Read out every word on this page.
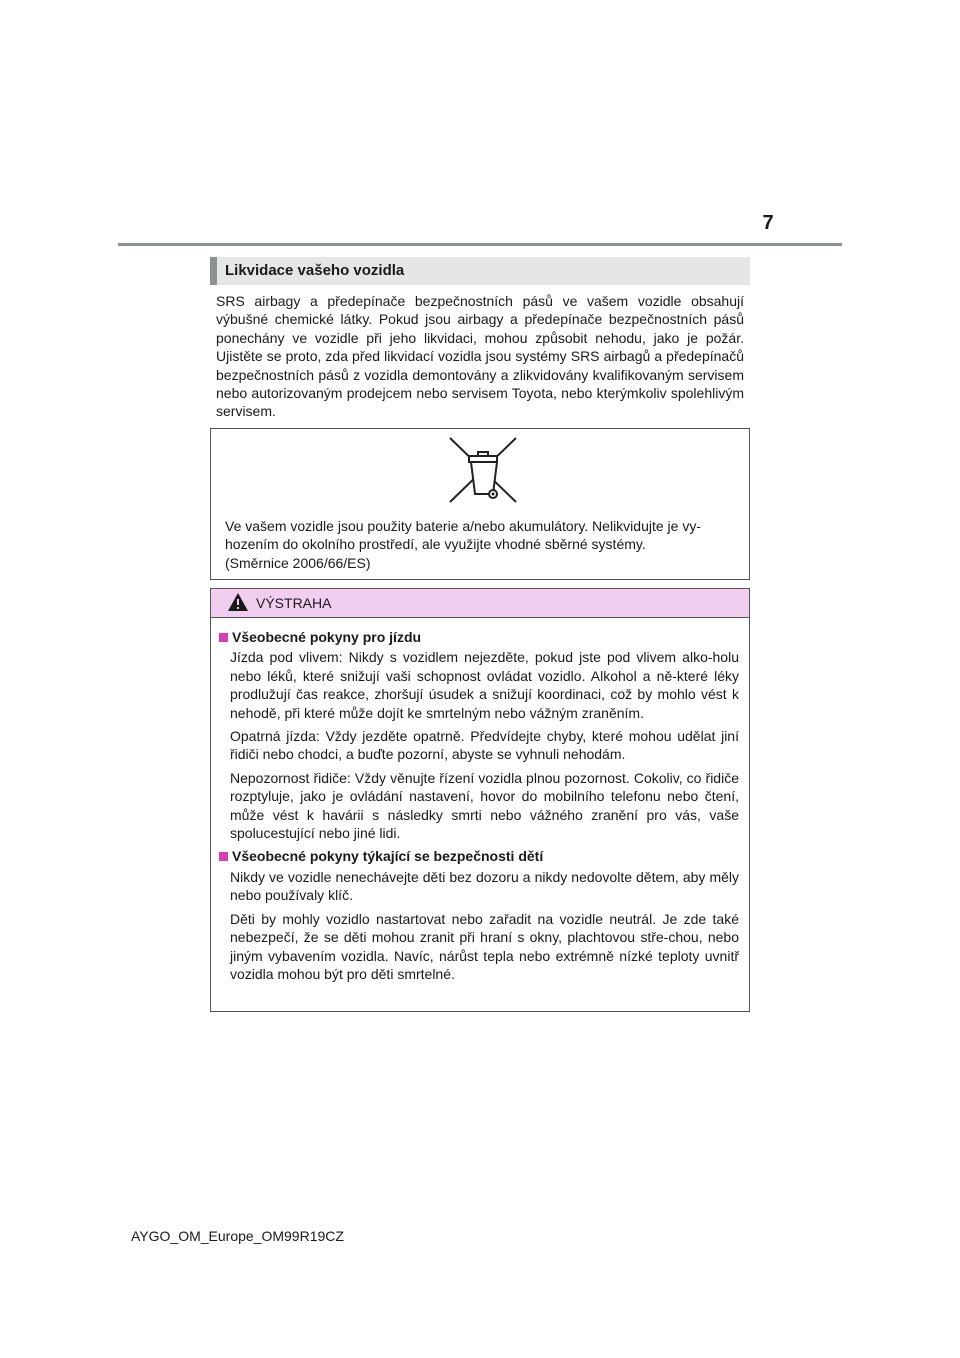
7
Likvidace vašeho vozidla

SRS airbagy a předepínače bezpečnostních pásů ve vašem vozidle obsahují výbušné chemické látky. Pokud jsou airbagy a předepínače bezpečnostních pásů ponechány ve vozidle při jeho likvidaci, mohou způsobit nehodu, jako je požár. Ujistěte se proto, zda před likvidací vozidla jsou systémy SRS airbagů a předepínačů bezpečnostních pásů z vozidla demontovány a zlikvidovány kvalifikovaným servisem nebo autorizovaným prodejcem nebo servisem Toyota, nebo kterýmkoliv spolehlivým servisem.

Ve vašem vozidle jsou použity baterie a/nebo akumulátory. Nelikvidujte je vy-hozením do okolního prostředí, ale využijte vhodné sběrné systémy.
(Směrnice 2006/66/ES)

VÝSTRAHA

Všeobecné pokyny pro jízdu

Jízda pod vlivem: Nikdy s vozidlem nejezděte, pokud jste pod vlivem alko-holu nebo léků, které snižují vaši schopnost ovládat vozidlo. Alkohol a ně-které léky prodlužují čas reakce, zhoršují úsudek a snižují koordinaci, což by mohlo vést k nehodě, při které může dojít ke smrtelným nebo vážným zraněním.

Opatrná jízda: Vždy jezděte opatrně. Předvídejte chyby, které mohou udělat jiní řidiči nebo chodci, a buďte pozorní, abyste se vyhnuli nehodám.

Nepozornost řidiče: Vždy věnujte řízení vozidla plnou pozornost. Cokoliv, co řidiče rozptyluje, jako je ovládání nastavení, hovor do mobilního telefonu nebo čtení, může vést k havárii s následky smrti nebo vážného zranění pro vás, vaše spolucestující nebo jiné lidi.

Všeobecné pokyny týkající se bezpečnosti dětí

Nikdy ve vozidle nenechávejte děti bez dozoru a nikdy nedovolte dětem, aby měly nebo používaly klíč.

Děti by mohly vozidlo nastartovat nebo zařadit na vozidle neutrál. Je zde také nebezpečí, že se děti mohou zranit při hraní s okny, plachtovou stře-chou, nebo jiným vybavením vozidla. Navíc, nárůst tepla nebo extrémně nízké teploty uvnitř vozidla mohou být pro děti smrtelné.

AYGO_OM_Europe_OM99R19CZ
